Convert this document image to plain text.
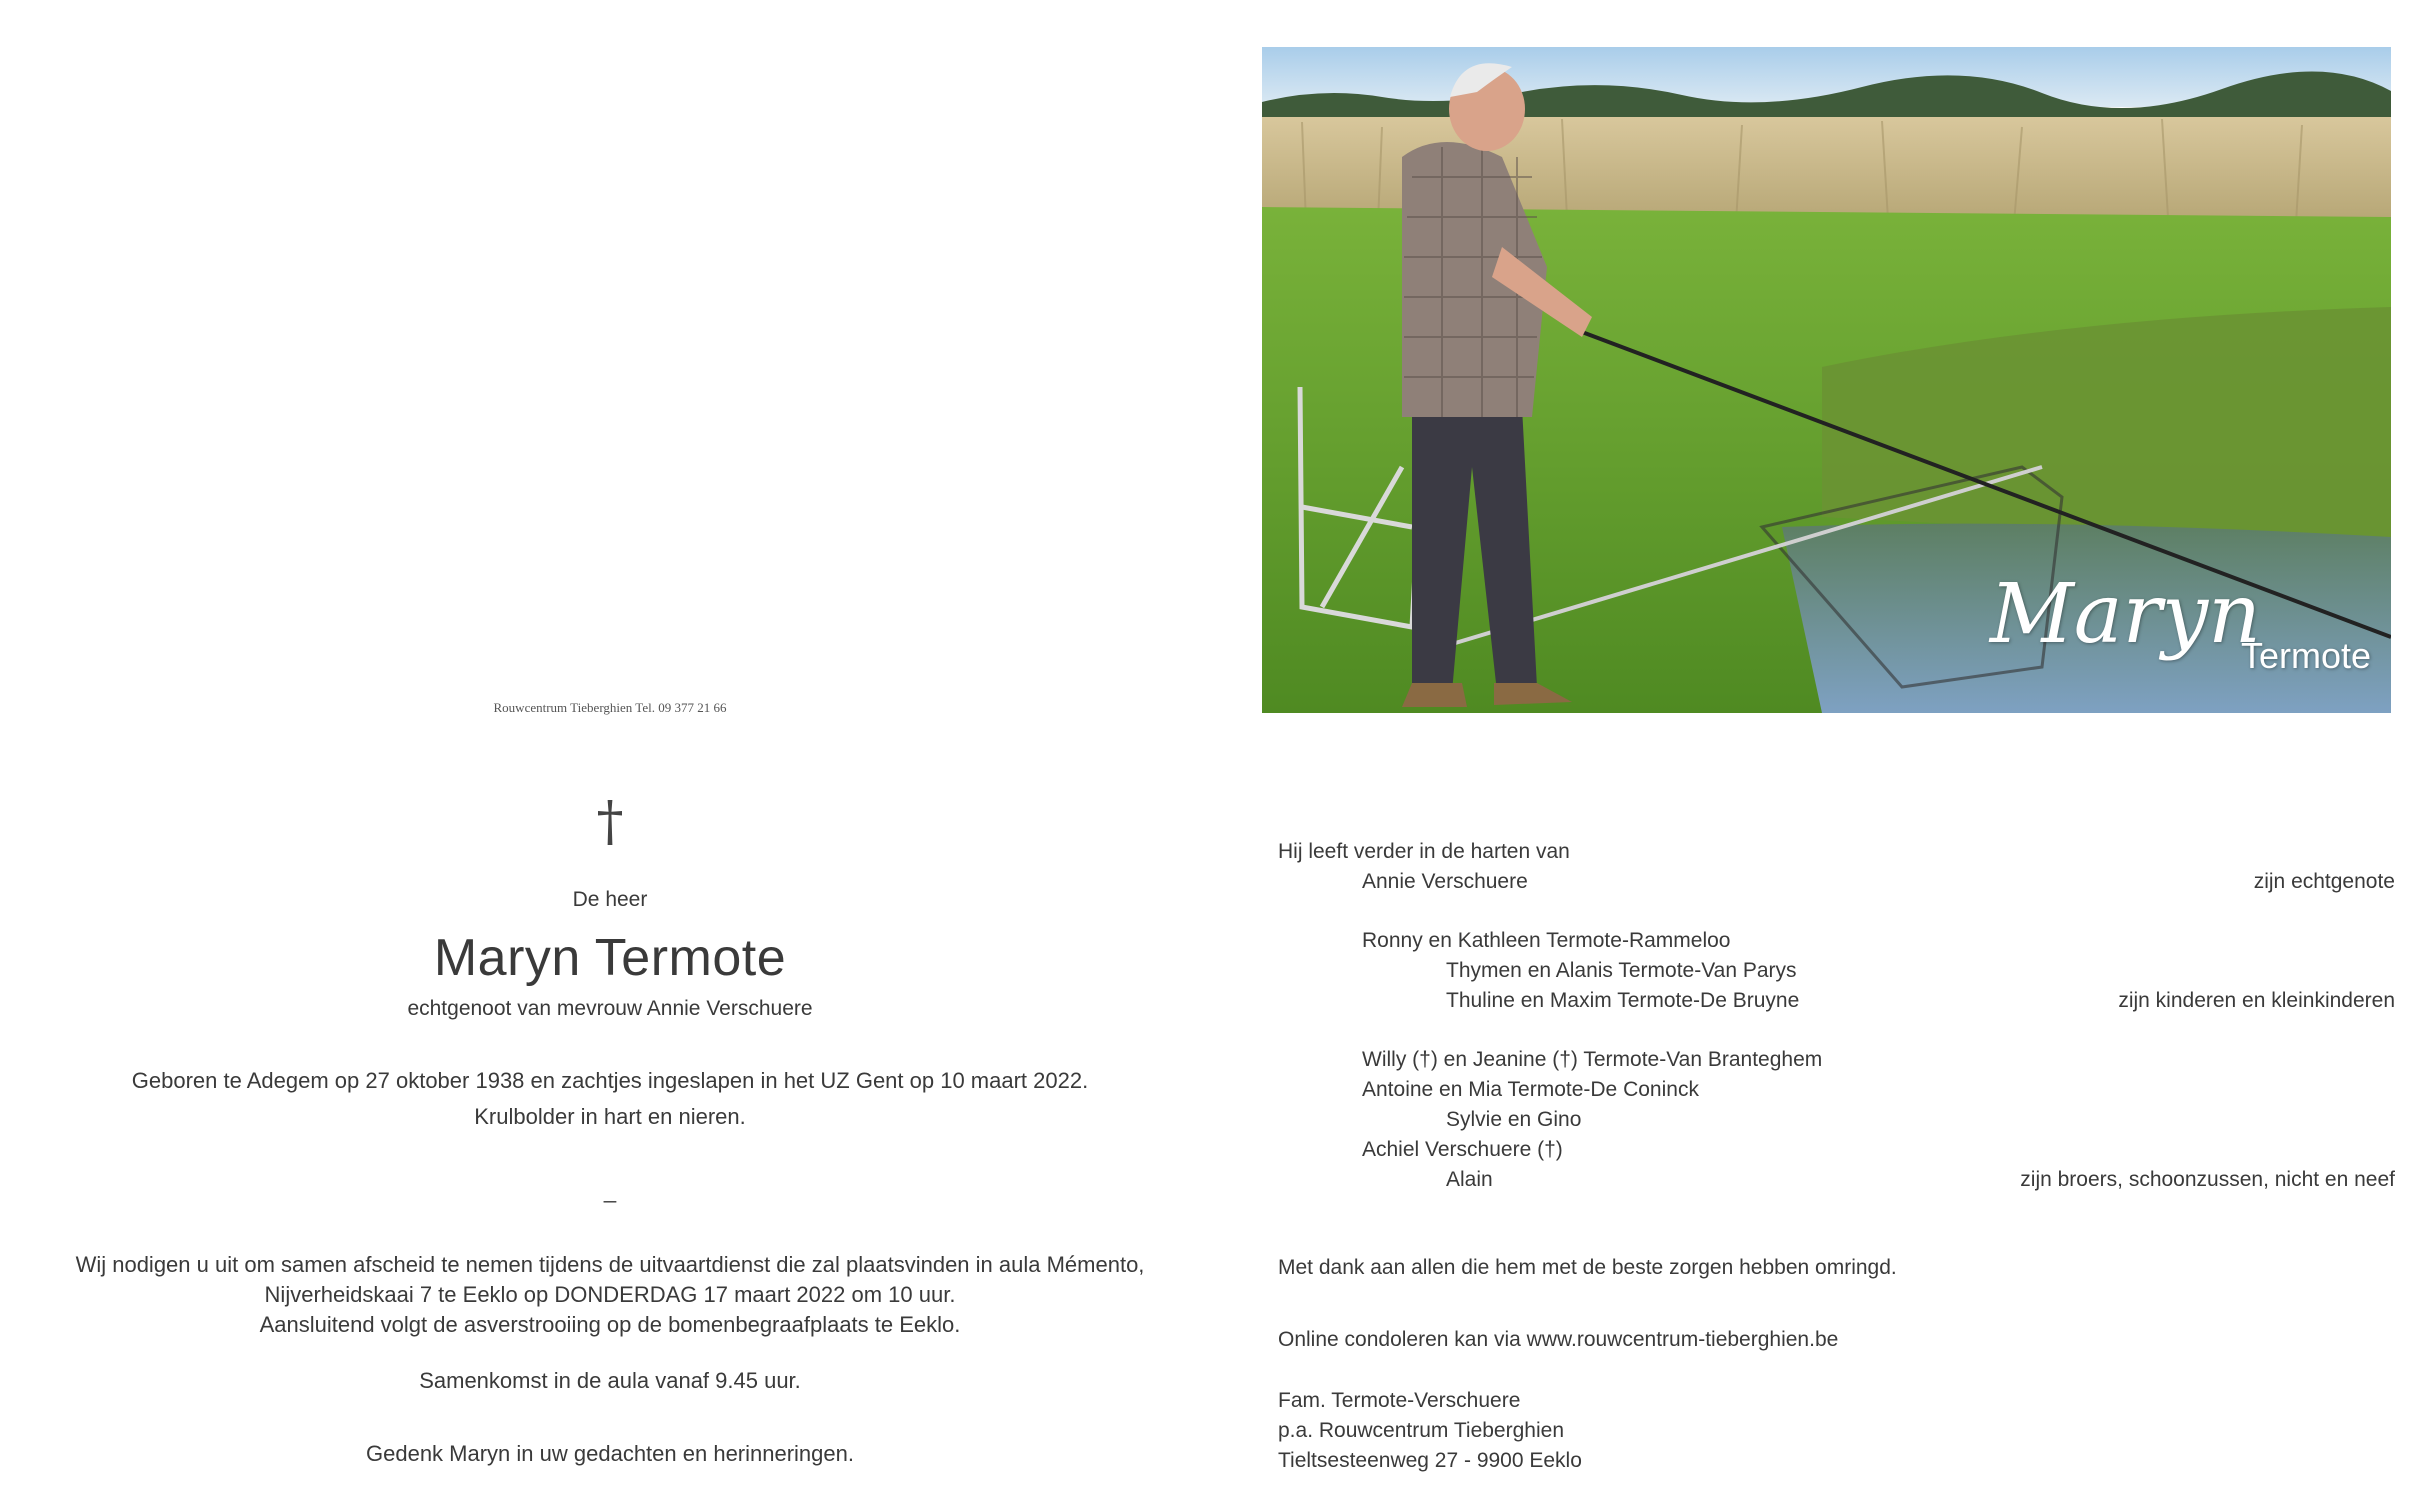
Rouwcentrum Tieberghien Tel. 09 377 21 66
†
De heer
Maryn Termote
echtgenoot van mevrouw Annie Verschuere
Geboren te Adegem op 27 oktober 1938 en zachtjes ingeslapen in het UZ Gent op 10 maart 2022.
Krulbolder in hart en nieren.
_
Wij nodigen u uit om samen afscheid te nemen tijdens de uitvaartdienst die zal plaatsvinden in aula Mémento,
Nijverheidskaai 7 te Eeklo op DONDERDAG 17 maart 2022 om 10 uur.
Aansluitend volgt de asverstrooiing op de bomenbegraafplaats te Eeklo.
Samenkomst in de aula vanaf 9.45 uur.
Gedenk Maryn in uw gedachten en herinneringen.
Maryn
Termote
Hij leeft verder in de harten van
Annie Verschuere	zijn echtgenote
Ronny en Kathleen Termote-Rammeloo
Thymen en Alanis Termote-Van Parys
Thuline en Maxim Termote-De Bruyne	zijn kinderen en kleinkinderen
Willy (†) en Jeanine (†) Termote-Van Branteghem
Antoine en Mia Termote-De Coninck
Sylvie en Gino
Achiel Verschuere (†)
Alain	zijn broers, schoonzussen, nicht en neef
Met dank aan allen die hem met de beste zorgen hebben omringd.
Online condoleren kan via www.rouwcentrum-tieberghien.be
Fam. Termote-Verschuere
p.a. Rouwcentrum Tieberghien
Tieltsesteenweg 27 - 9900 Eeklo
